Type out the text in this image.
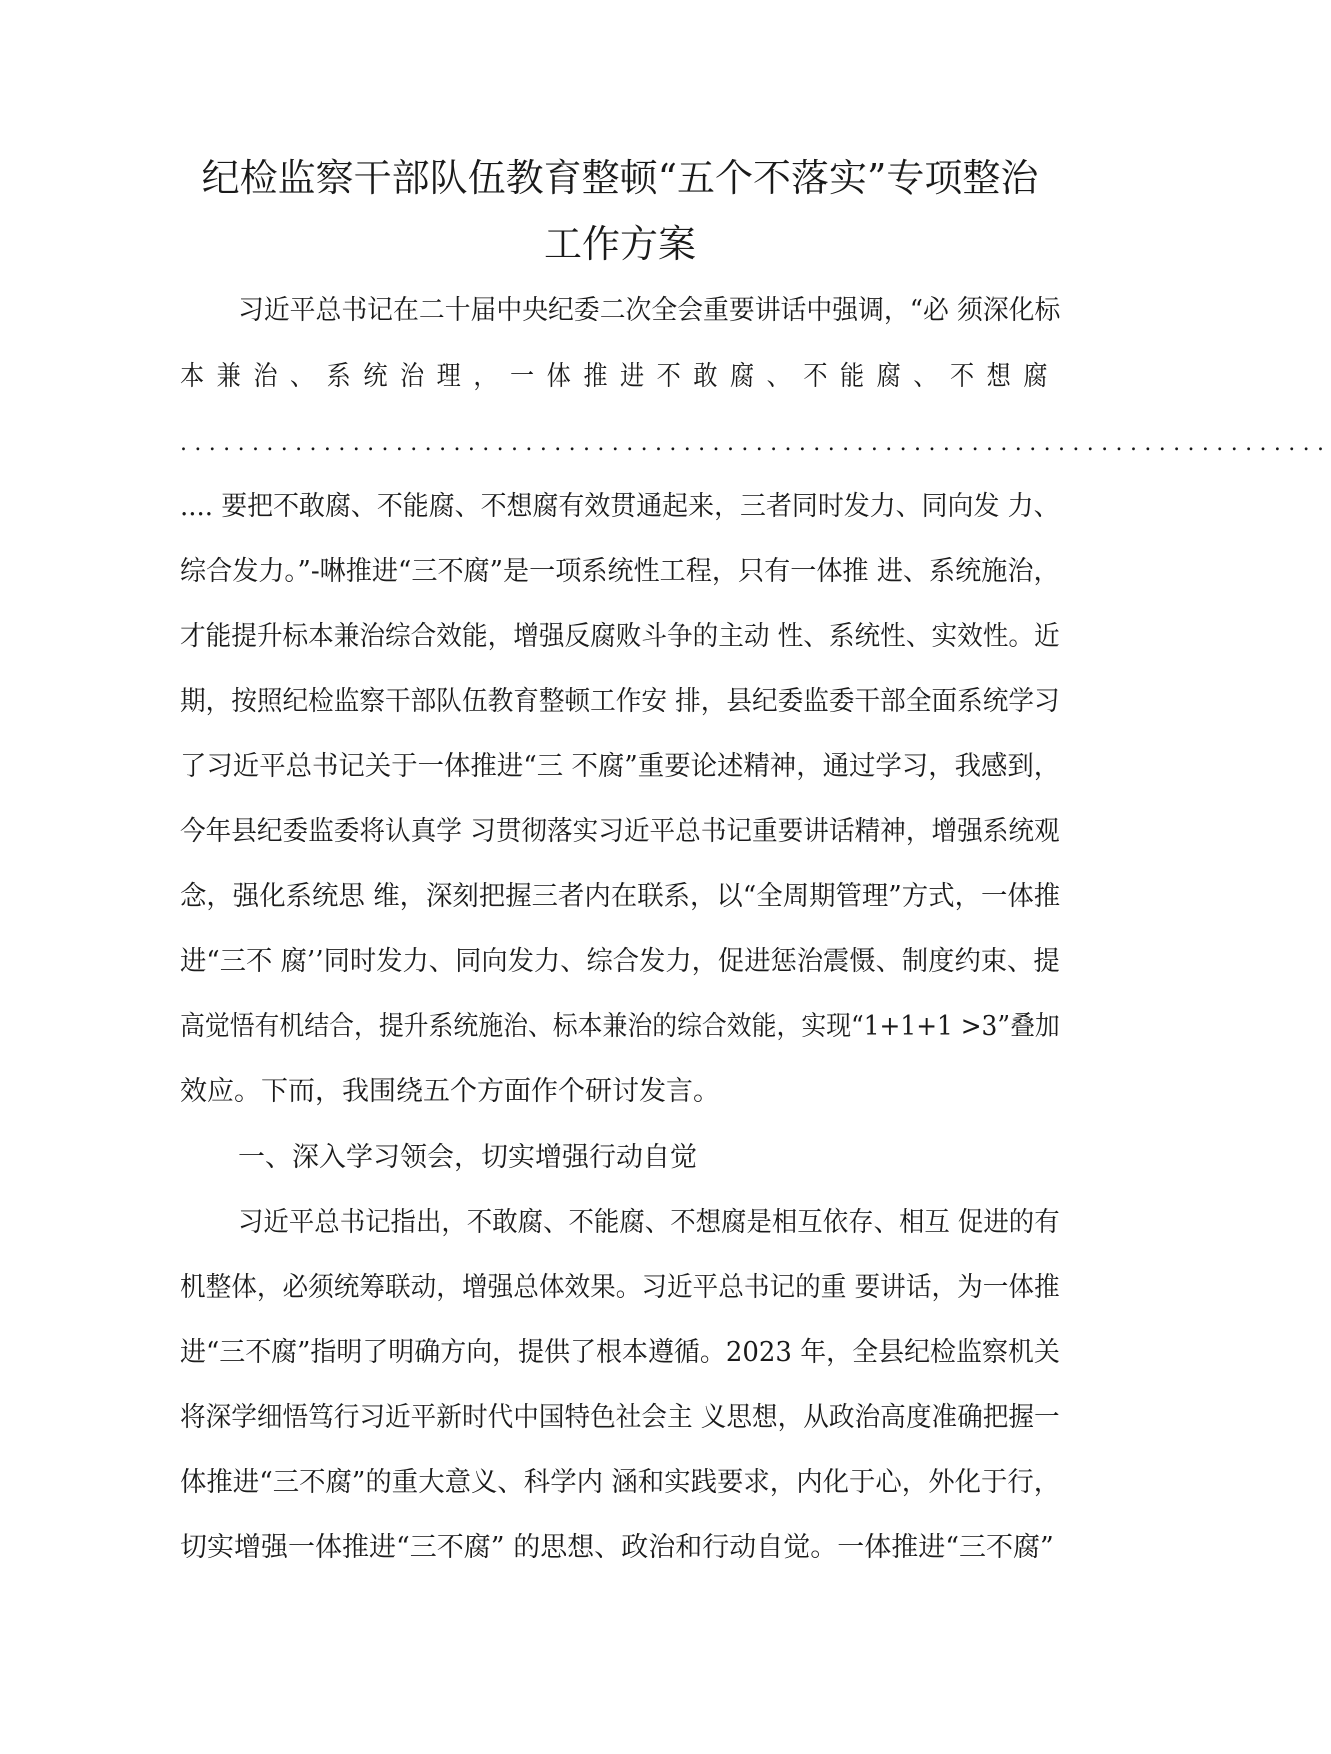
纪检监察干部队伍教育整顿“五个不落实”专项整治
工作方案
习近平总书记在二十届中央纪委二次全会重要讲话中强调，“必 须深化标
本兼治、系统治理，一体推进不敢腐、不能腐、不想腐
................................................................................
.... 要把不敢腐、不能腐、不想腐有效贯通起来，三者同时发力、同向发 力、
综合发力。”-啉推进“三不腐”是一项系统性工程，只有一体推 进、系统施治，
才能提升标本兼治综合效能，增强反腐败斗争的主动 性、系统性、实效性。近
期，按照纪检监察干部队伍教育整顿工作安 排，县纪委监委干部全面系统学习
了习近平总书记关于一体推进“三 不腐”重要论述精神，通过学习，我感到，
今年县纪委监委将认真学 习贯彻落实习近平总书记重要讲话精神，增强系统观
念，强化系统思 维，深刻把握三者内在联系，以“全周期管理”方式，一体推
进“三不 腐’’同时发力、同向发力、综合发力，促进惩治震慑、制度约束、提
高觉悟有机结合，提升系统施治、标本兼治的综合效能，实现“1+1+1 >3”叠加
效应。下而，我围绕五个方面作个研讨发言。
一、深入学习领会，切实增强行动自觉
习近平总书记指出，不敢腐、不能腐、不想腐是相互依存、相互 促进的有
机整体，必须统筹联动，增强总体效果。习近平总书记的重 要讲话，为一体推
进“三不腐”指明了明确方向，提供了根本遵循。2023 年，全县纪检监察机关
将深学细悟笃行习近平新时代中国特色社会主 义思想，从政治高度准确把握一
体推进“三不腐”的重大意义、科学内 涵和实践要求，内化于心，外化于行，
切实增强一体推进“三不腐” 的思想、政治和行动自觉。一体推进“三不腐”
